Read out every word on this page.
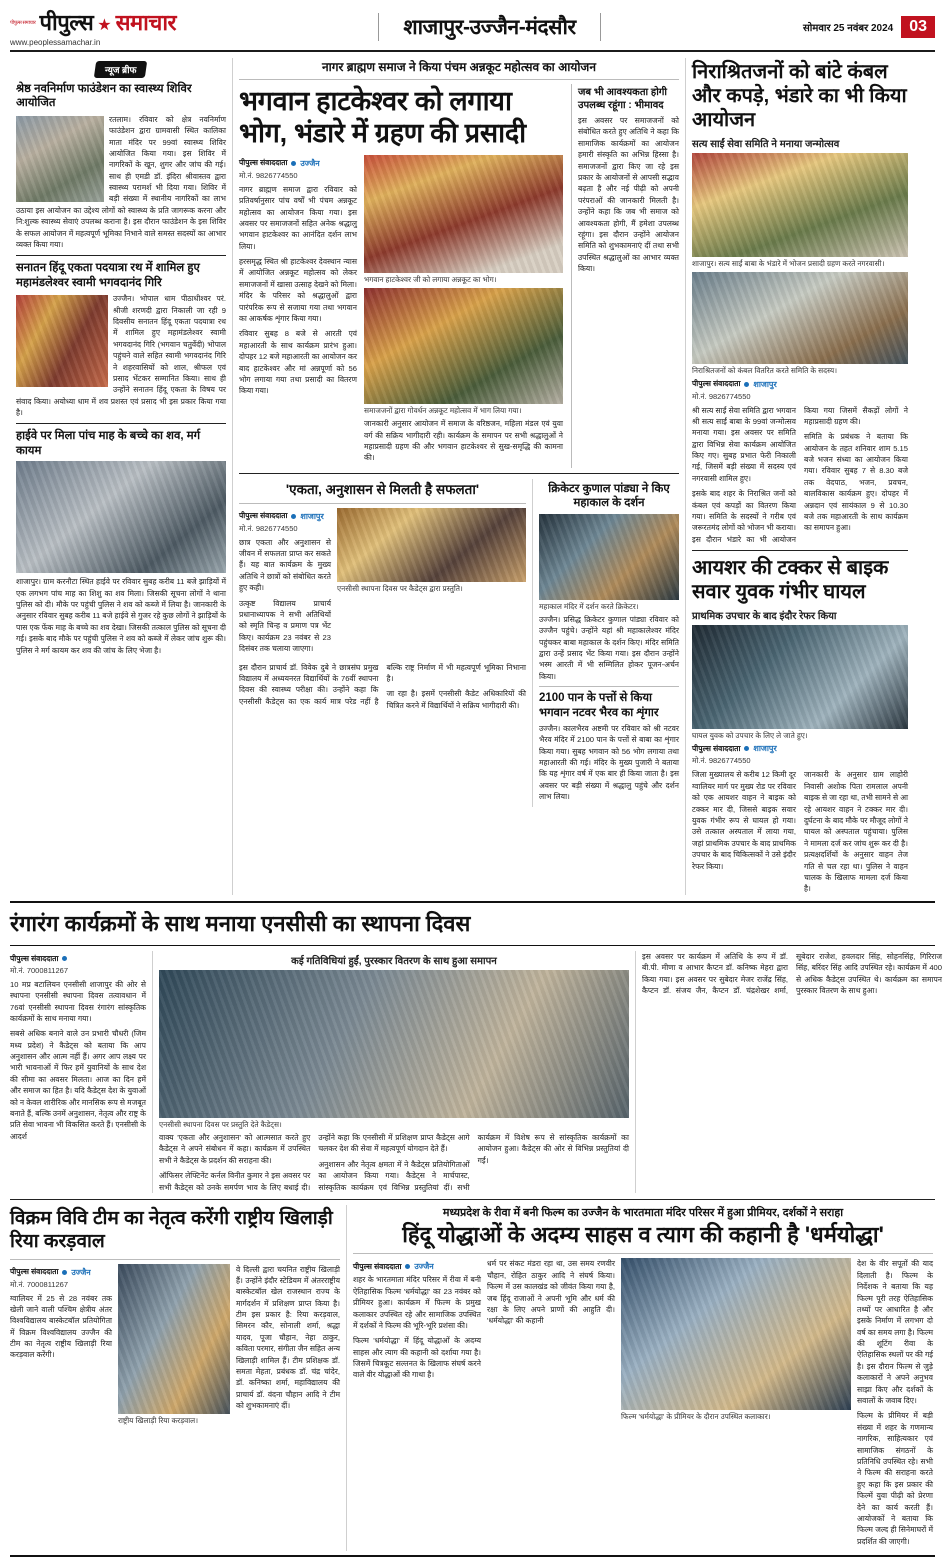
पीपुल्स समाचार पीपुल्स ★ समाचार
www.peoplessamachar.in
शाजापुर-उज्जैन-मंदसौर	सोमवार 25 नवंबर 2024	03
न्यूज ब्रीफ
श्रेष्ठ नवनिर्माण फाउंडेशन का स्वास्थ्य शिविर आयोजित

रतलाम। रविवार को क्षेत्र नवनिर्माण फाउंडेशन द्वारा ग्रामवासी स्थित कालिका माता मंदिर पर 99वां स्वास्थ्य शिविर आयोजित किया गया। इस शिविर में नागरिकों के खून, शुगर और जांच की गई। साथ ही एमडी डॉ. इंदिरा श्रीवास्तव द्वारा स्वास्थ्य परामर्श भी दिया गया। शिविर में बड़ी संख्या में स्थानीय नागरिकों का लाभ उठाया इस आयोजन का उद्देश्य लोगों को स्वास्थ्य के प्रति जागरूक करना और नि:शुल्क स्वास्थ्य सेवाएं उपलब्ध कराना है। इस दौरान फाउंडेशन के इस शिविर के सफल आयोजन में महत्वपूर्ण भूमिका निभाने वाले समस्त सदस्यों का आभार व्यक्त किया गया।

सनातन हिंदू एकता पदयात्रा रथ में शामिल हुए महामंडलेश्वर स्वामी भगवदानंद गिरि

उज्जैन। भोपाल धाम पीठाधीश्वर परं. श्रीजी शरणदी द्वारा निकाली जा रही 9 दिवसीय सनातन हिंदू एकता पदयात्रा रथ में शामिल हुए महामंडलेश्वर स्वामी भगवदानंद गिरि (भगवान चतुर्वेदी) भोपाल पहुंचने वाले सहित स्वामी भगवदानंद गिरि ने शहरवासियों को शाल, श्रीफल एवं प्रसाद भेंटकर सम्मानित किया। साथ ही उन्होंने सनातन हिंदू एकता के विषय पर संवाद किया। अयोध्या धाम में शव प्रशस्त एवं प्रसाद भी इस प्रकार किया गया है।

हाईवे पर मिला पांच माह के बच्चे का शव, मर्ग कायम

शाजापुर। ग्राम करनौटा स्थित हाईवे पर रविवार सुबह करीब 11 बजे झाड़ियों में एक लगभग पांच माह का शिशु का शव मिला। जिसकी सूचना लोगों ने थाना पुलिस को दी। मौके पर पहुंची पुलिस ने शव को कब्जे में लिया है। जानकारी के अनुसार रविवार सुबह करीब 11 बजे हाईवे से गुजर रहे कुछ लोगों ने झाड़ियों के पास एक फेंक माह के बच्चे का शव देखा। जिसकी तत्काल पुलिस को सूचना दी गई। इसके बाद मौके पर पहुंची पुलिस ने शव को कब्जे में लेकर जांच शुरू की। पुलिस ने मर्ग कायम कर शव की जांच के लिए भेजा है।

नागर ब्राह्मण समाज ने किया पंचम अन्नकूट महोत्सव का आयोजन
भगवान हाटकेश्वर को लगाया भोग, भंडारे में ग्रहण की प्रसादी
पीपुल्स संवाददाता उज्जैन
मो.नं. 9826774550

नागर ब्राह्मण समाज द्वारा रविवार को प्रतिवर्षानुसार पांच वर्षों भी पंचम अन्नकूट महोत्सव का आयोजन किया गया। इस अवसर पर समाजजनों सहित अनेक श्रद्धालु भगवान हाटकेश्वर का आनंदित दर्शन लाभ लिया।

हरसमृद्ध स्थित श्री हाटकेश्वर देवस्थान न्यास में आयोजित अन्नकूट महोत्सव को लेकर समाजजनों में खासा उत्साह देखने को मिला। मंदिर के परिसर को श्रद्धालुओं द्वारा पारंपरिक रूप से सजाया गया तथा भगवान का आकर्षक शृंगार किया गया।

रविवार सुबह 8 बजे से आरती एवं महाआरती के साथ कार्यक्रम प्रारंभ हुआ। दोपहर 12 बजे महाआरती का आयोजन कर बाद हाटकेश्वर और मां अन्नपूर्णा को 56 भोग लगाया गया तथा प्रसादी का वितरण किया गया।

भगवान हाटकेश्वर जी को लगाया अन्नकूट का भोग।
समाजजनों द्वारा गोवर्धन अन्नकूट महोत्सव में भाग लिया गया।

जानकारी अनुसार आयोजन में समाज के वरिष्ठजन, महिला मंडल एवं युवा वर्ग की सक्रिय भागीदारी रही। कार्यक्रम के समापन पर सभी श्रद्धालुओं ने महाप्रसादी ग्रहण की और भगवान हाटकेश्वर से सुख-समृद्धि की कामना की।

जब भी आवश्यकता होगी उपलब्ध रहूंगा : भीमावद

इस अवसर पर समाजजनों को संबोधित करते हुए अतिथि ने कहा कि सामाजिक कार्यक्रमों का आयोजन हमारी संस्कृति का अभिन्न हिस्सा है। समाजजनों द्वारा किए जा रहे इस प्रकार के आयोजनों से आपसी सद्भाव बढ़ता है और नई पीढ़ी को अपनी परंपराओं की जानकारी मिलती है। उन्होंने कहा कि जब भी समाज को आवश्यकता होगी, मैं हमेशा उपलब्ध रहूंगा। इस दौरान उन्होंने आयोजन समिति को शुभकामनाएं दीं तथा सभी उपस्थित श्रद्धालुओं का आभार व्यक्त किया।

'एकता, अनुशासन से मिलती है सफलता'
पीपुल्स संवाददाता शाजापुर
मो.नं. 9826774550

छात्र एकता और अनुशासन से जीवन में सफलता प्राप्त कर सकते हैं। यह बात कार्यक्रम के मुख्य अतिथि ने छात्रों को संबोधित करते हुए कही।

उत्कृष्ट विद्यालय प्राचार्य प्रधानाध्यापक ने सभी अतिथियों को स्मृति चिन्ह व प्रमाण पत्र भेंट किए। कार्यक्रम 23 नवंबर से 23 दिसंबर तक चलाया जाएगा।

एनसीसी स्थापना दिवस पर कैडेट्स द्वारा प्रस्तुति।

इस दौरान प्राचार्य डॉ. विवेक दुबे ने छात्रसंघ प्रमुख विद्यालय में अध्ययनरत विद्यार्थियों के 76वीं स्थापना दिवस की स्वास्थ्य परीक्षा की। उन्होंने कहा कि एनसीसी कैडेट्स का एक कार्य मात्र परेड नहीं है बल्कि राष्ट्र निर्माण में भी महत्वपूर्ण भूमिका निभाना है।

जा रहा है। इसमें एनसीसी कैडेट अधिकारियों की चित्रित करने में विद्यार्थियों ने सक्रिय भागीदारी की।

क्रिकेटर कुणाल पांड्या ने किए महाकाल के दर्शन
महाकाल मंदिर में दर्शन करते क्रिकेटर।

उज्जैन। प्रसिद्ध क्रिकेटर कुणाल पांड्या रविवार को उज्जैन पहुंचे। उन्होंने यहां श्री महाकालेश्वर मंदिर पहुंचकर बाबा महाकाल के दर्शन किए। मंदिर समिति द्वारा उन्हें प्रसाद भेंट किया गया। इस दौरान उन्होंने भस्म आरती में भी सम्मिलित होकर पूजन-अर्चन किया।

2100 पान के पत्तों से किया भगवान नटवर भैरव का शृंगार

उज्जैन। कालभैरव अष्टमी पर रविवार को श्री नटवर भैरव मंदिर में 2100 पान के पत्तों से बाबा का शृंगार किया गया। सुबह भगवान को 56 भोग लगाया तथा महाआरती की गई। मंदिर के मुख्य पुजारी ने बताया कि यह शृंगार वर्ष में एक बार ही किया जाता है। इस अवसर पर बड़ी संख्या में श्रद्धालु पहुंचे और दर्शन लाभ लिया।

निराश्रितजनों को बांटे कंबल और कपड़े, भंडारे का भी किया आयोजन
सत्य साईं सेवा समिति ने मनाया जन्मोत्सव
शाजापुर। सत्य साईं बाबा के भंडारे में भोजन प्रसादी ग्रहण करते नगरवासी।
निराश्रितजनों को कंबल वितरित करते समिति के सदस्य।
पीपुल्स संवाददाता शाजापुर
मो.नं. 9826774550

श्री सत्य साईं सेवा समिति द्वारा भगवान श्री सत्य साईं बाबा के 99वां जन्मोत्सव मनाया गया। इस अवसर पर समिति द्वारा विभिन्न सेवा कार्यक्रम आयोजित किए गए। सुबह प्रभात फेरी निकाली गई, जिसमें बड़ी संख्या में सदस्य एवं नगरवासी शामिल हुए।

इसके बाद शहर के निराश्रित जनों को कंबल एवं कपड़ों का वितरण किया गया। समिति के सदस्यों ने गरीब एवं जरूरतमंद लोगों को भोजन भी कराया। इस दौरान भंडारे का भी आयोजन किया गया जिसमें सैकड़ों लोगों ने महाप्रसादी ग्रहण की।

समिति के प्रबंधक ने बताया कि आयोजन के तहत शनिवार शाम 5.15 बजे भजन संध्या का आयोजन किया गया। रविवार सुबह 7 से 8.30 बजे तक वेदपाठ, भजन, प्रवचन, बालविकास कार्यक्रम हुए। दोपहर में अन्नदान एवं सायंकाल 9 से 10.30 बजे तक महाआरती के साथ कार्यक्रम का समापन हुआ।

आयशर की टक्कर से बाइक सवार युवक गंभीर घायल
प्राथमिक उपचार के बाद इंदौर रेफर किया
घायल युवक को उपचार के लिए ले जाते हुए।
पीपुल्स संवाददाता शाजापुर
मो.नं. 9826774550

जिला मुख्यालय से करीब 12 किमी दूर ग्वालियर मार्ग पर मुख्य रोड पर रविवार को एक आयशर वाहन ने बाइक को टक्कर मार दी, जिससे बाइक सवार युवक गंभीर रूप से घायल हो गया। उसे तत्काल अस्पताल में लाया गया, जहां प्राथमिक उपचार के बाद प्राथमिक उपचार के बाद चिकित्सकों ने उसे इंदौर रेफर किया।

जानकारी के अनुसार ग्राम लाहोरी निवासी अशोक पिता रामलाल अपनी बाइक से जा रहा था, तभी सामने से आ रहे आयशर वाहन ने टक्कर मार दी। दुर्घटना के बाद मौके पर मौजूद लोगों ने घायल को अस्पताल पहुंचाया। पुलिस ने मामला दर्ज कर जांच शुरू कर दी है। प्रत्यक्षदर्शियों के अनुसार वाहन तेज गति से चल रहा था। पुलिस ने वाहन चालक के खिलाफ मामला दर्ज किया है।

रंगारंग कार्यक्रमों के साथ मनाया एनसीसी का स्थापना दिवस
पीपुल्स संवाददाता
मो.नं. 7000811267

10 मप्र बटालियन एनसीसी शाजापुर की ओर से स्थापना एनसीसी स्थापना दिवस तत्वावधान में 76वां एनसीसी स्थापना दिवस रंगारंग सांस्कृतिक कार्यक्रमों के साथ मनाया गया।

सबसे अधिक बनाने वाले उन प्रभारी चौधरी (जिम मध्य प्रदेश) ने कैडेट्स को बताया कि आप अनुशासन और आत्म नहीं हैं। अगर आप लक्ष्य पर भारी भावनाओं में फिर हमें युवानियों के साथ देश की सीमा का अवसर मिलता। आज का दिन हमें और समाज का हित है। यदि कैडेट्स देश के युवाओं को न केवल शारीरिक और मानसिक रूप से मजबूत बनाते हैं, बल्कि उनमें अनुशासन, नेतृत्व और राष्ट्र के प्रति सेवा भावना भी विकसित करते हैं। एनसीसी के आदर्श

कई गतिविधियां हुईं, पुरस्कार वितरण के साथ हुआ समापन
एनसीसी स्थापना दिवस पर प्रस्तुति देते कैडेट्स।

वाक्य 'एकता और अनुशासन' को आत्मसात करते हुए कैडेट्स ने अपने संबोधन में कहा। कार्यक्रम में उपस्थित सभी ने कैडेट्स के प्रदर्शन की सराहना की।

ऑफिसर लेफ्टिनेंट कर्नल विनीत कुमार ने इस अवसर पर सभी कैडेट्स को उनके समर्पण भाव के लिए बधाई दी। उन्होंने कहा कि एनसीसी में प्रशिक्षण प्राप्त कैडेट्स आगे चलकर देश की सेवा में महत्वपूर्ण योगदान देते हैं।

अनुशासन और नेतृत्व क्षमता में ने कैडेट्स प्रतियोगिताओं का आयोजन किया गया। कैडेट्स ने मार्चपास्ट, सांस्कृतिक कार्यक्रम एवं विभिन्न प्रस्तुतियां दीं। सभी कार्यक्रम में विशेष रूप से सांस्कृतिक कार्यक्रमों का आयोजन हुआ। कैडेट्स की ओर से विभिन्न प्रस्तुतियां दी गईं।

इस अवसर पर कार्यक्रम में अतिथि के रूप में डॉ. बी.पी. मीणा व आभार कैप्टन डॉ. कनिष्क मेहरा द्वारा किया गया। इस अवसर पर सुबेदार मेजर राजेंद्र सिंह, कैप्टन डॉ. संजय जैन, कैप्टन डॉ. चंद्रशेखर शर्मा, सूबेदार राजेश, हवलदार सिंह, सोहनसिंह, गिरिराज सिंह, बरिंदर सिंह आदि उपस्थित रहे। कार्यक्रम में 400 से अधिक कैडेट्स उपस्थित थे। कार्यक्रम का समापन पुरस्कार वितरण के साथ हुआ।

विक्रम विवि टीम का नेतृत्व करेंगी राष्ट्रीय खिलाड़ी रिया करड़वाल
पीपुल्स संवाददाता उज्जैन
मो.नं. 7000811267

ग्वालियर में 25 से 28 नवंबर तक खेली जाने वाली पश्चिम क्षेत्रीय अंतर विश्वविद्यालय बास्केटबॉल प्रतियोगिता में विक्रम विश्वविद्यालय उज्जैन की टीम का नेतृत्व राष्ट्रीय खिलाड़ी रिया करड़वाल करेंगी।

राष्ट्रीय खिलाड़ी रिया करड़वाल।

वे दिल्ली द्वारा चयनित राष्ट्रीय खिलाड़ी हैं। उन्होंने इंदौर स्टेडियम में अंतरराष्ट्रीय बास्केटबॉल खेल राजस्थान राज्य के मार्गदर्शन में प्रशिक्षण प्राप्त किया है। टीम इस प्रकार है: रिया करड़वाल, सिमरन कौर, सोनाली शर्मा, श्रद्धा यादव, पूजा चौहान, नेहा ठाकुर, कविता परमार, संगीता जैन सहित अन्य खिलाड़ी शामिल हैं। टीम प्रशिक्षक डॉ. समता मेहता, प्रबंधक डॉ. चंद्र चांदेर, डॉ. कनिष्का शर्मा, महाविद्यालय की प्राचार्य डॉ. वंदना चौहान आदि ने टीम को शुभकामनाएं दीं।

मध्यप्रदेश के रीवा में बनी फिल्म का उज्जैन के भारतमाता मंदिर परिसर में हुआ प्रीमियर, दर्शकों ने सराहा
हिंदू योद्धाओं के अदम्य साहस व त्याग की कहानी है 'धर्मयोद्धा'
पीपुल्स संवाददाता उज्जैन

शहर के भारतमाता मंदिर परिसर में रीवा में बनी ऐतिहासिक फिल्म 'धर्मयोद्धा' का 23 नवंबर को प्रीमियर हुआ। कार्यक्रम में फिल्म के प्रमुख कलाकार उपस्थित रहे और सामाजिक उपस्थित में दर्शकों ने फिल्म की भूरि-भूरि प्रशंसा की।

फिल्म 'धर्मयोद्धा' में हिंदू योद्धाओं के अदम्य साहस और त्याग की कहानी को दर्शाया गया है। जिसमें चित्रकूट सल्तनत के खिलाफ संघर्ष करने वाले वीर योद्धाओं की गाथा है।

धर्म पर संकट मंडरा रहा था, उस समय रणवीर चौहान, रोहित ठाकुर आदि ने संघर्ष किया। फिल्म में उस कालखंड को जीवंत किया गया है, जब हिंदू राजाओं ने अपनी भूमि और धर्म की रक्षा के लिए अपने प्राणों की आहुति दी। 'धर्मयोद्धा' की कहानी

फिल्म 'धर्मयोद्धा' के प्रीमियर के दौरान उपस्थित कलाकार।

देश के वीर सपूतों की याद दिलाती है। फिल्म के निर्देशक ने बताया कि यह फिल्म पूरी तरह ऐतिहासिक तथ्यों पर आधारित है और इसके निर्माण में लगभग दो वर्ष का समय लगा है। फिल्म की शूटिंग रीवा के ऐतिहासिक स्थलों पर की गई है। इस दौरान फिल्म से जुड़े कलाकारों ने अपने अनुभव साझा किए और दर्शकों के सवालों के जवाब दिए।

फिल्म के प्रीमियर में बड़ी संख्या में शहर के गणमान्य नागरिक, साहित्यकार एवं सामाजिक संगठनों के प्रतिनिधि उपस्थित रहे। सभी ने फिल्म की सराहना करते हुए कहा कि इस प्रकार की फिल्में युवा पीढ़ी को प्रेरणा देने का कार्य करती हैं। आयोजकों ने बताया कि फिल्म जल्द ही सिनेमाघरों में प्रदर्शित की जाएगी।
